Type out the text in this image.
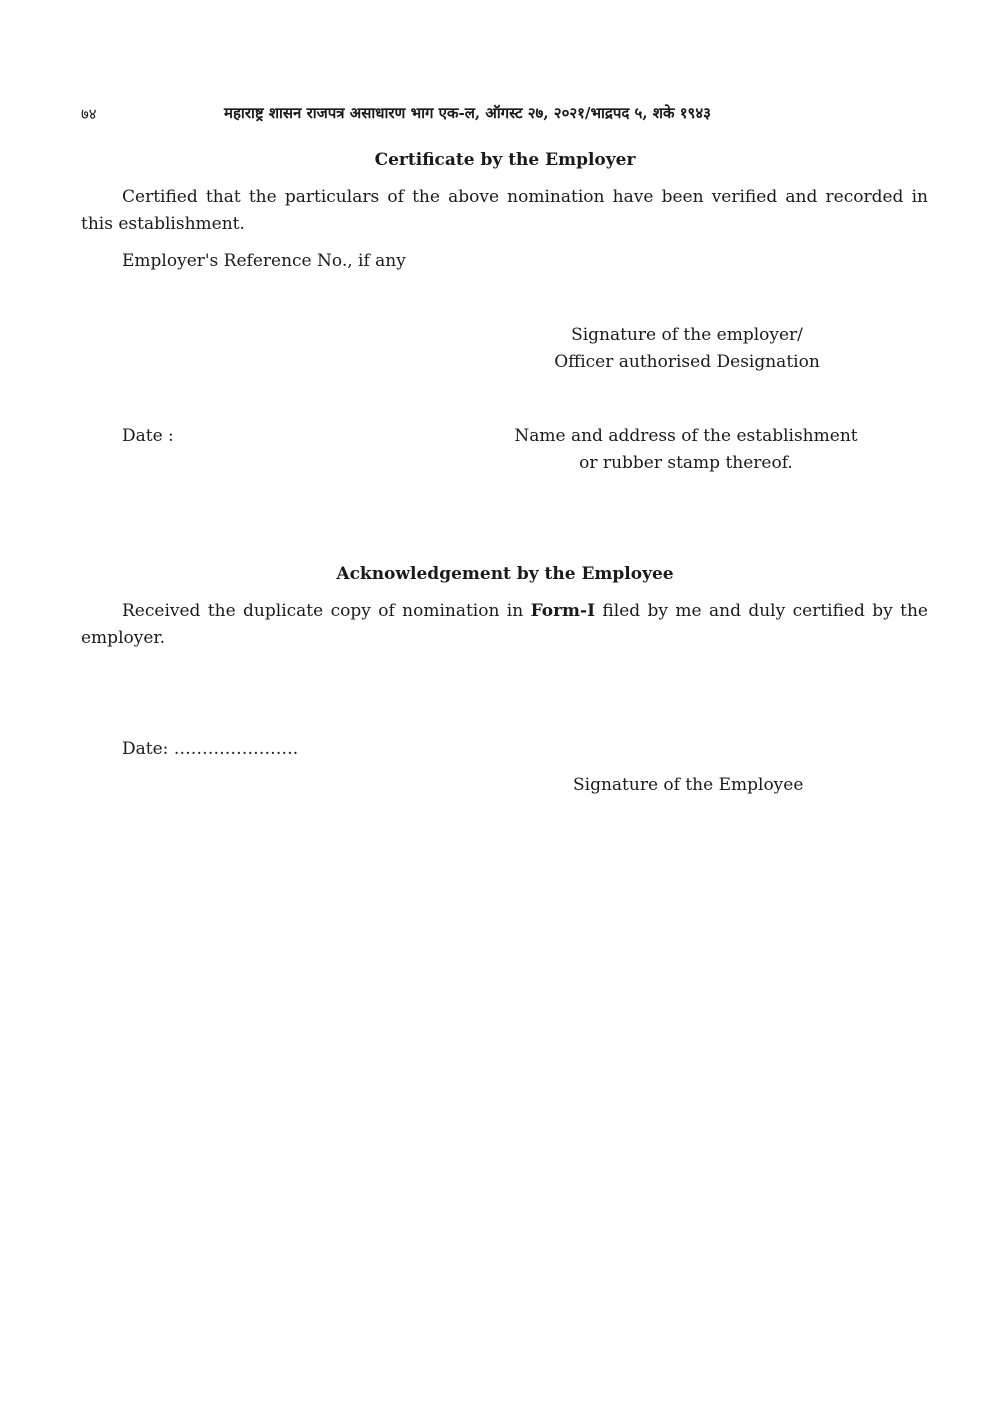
७४	महाराष्ट्र शासन राजपत्र असाधारण भाग एक-ल, ऑगस्ट २७, २०२१/भाद्रपद ५, शके १९४३
Certificate by the Employer
Certified that the particulars of the above nomination have been verified and recorded in this establishment.
Employer's Reference No., if any
Signature of the employer/
Officer authorised Designation
Date :	Name and address of the establishment
or rubber stamp thereof.
Acknowledgement by the Employee
Received the duplicate copy of nomination in Form-I filed by me and duly certified by the employer.
Date: ………………….
Signature of the Employee
